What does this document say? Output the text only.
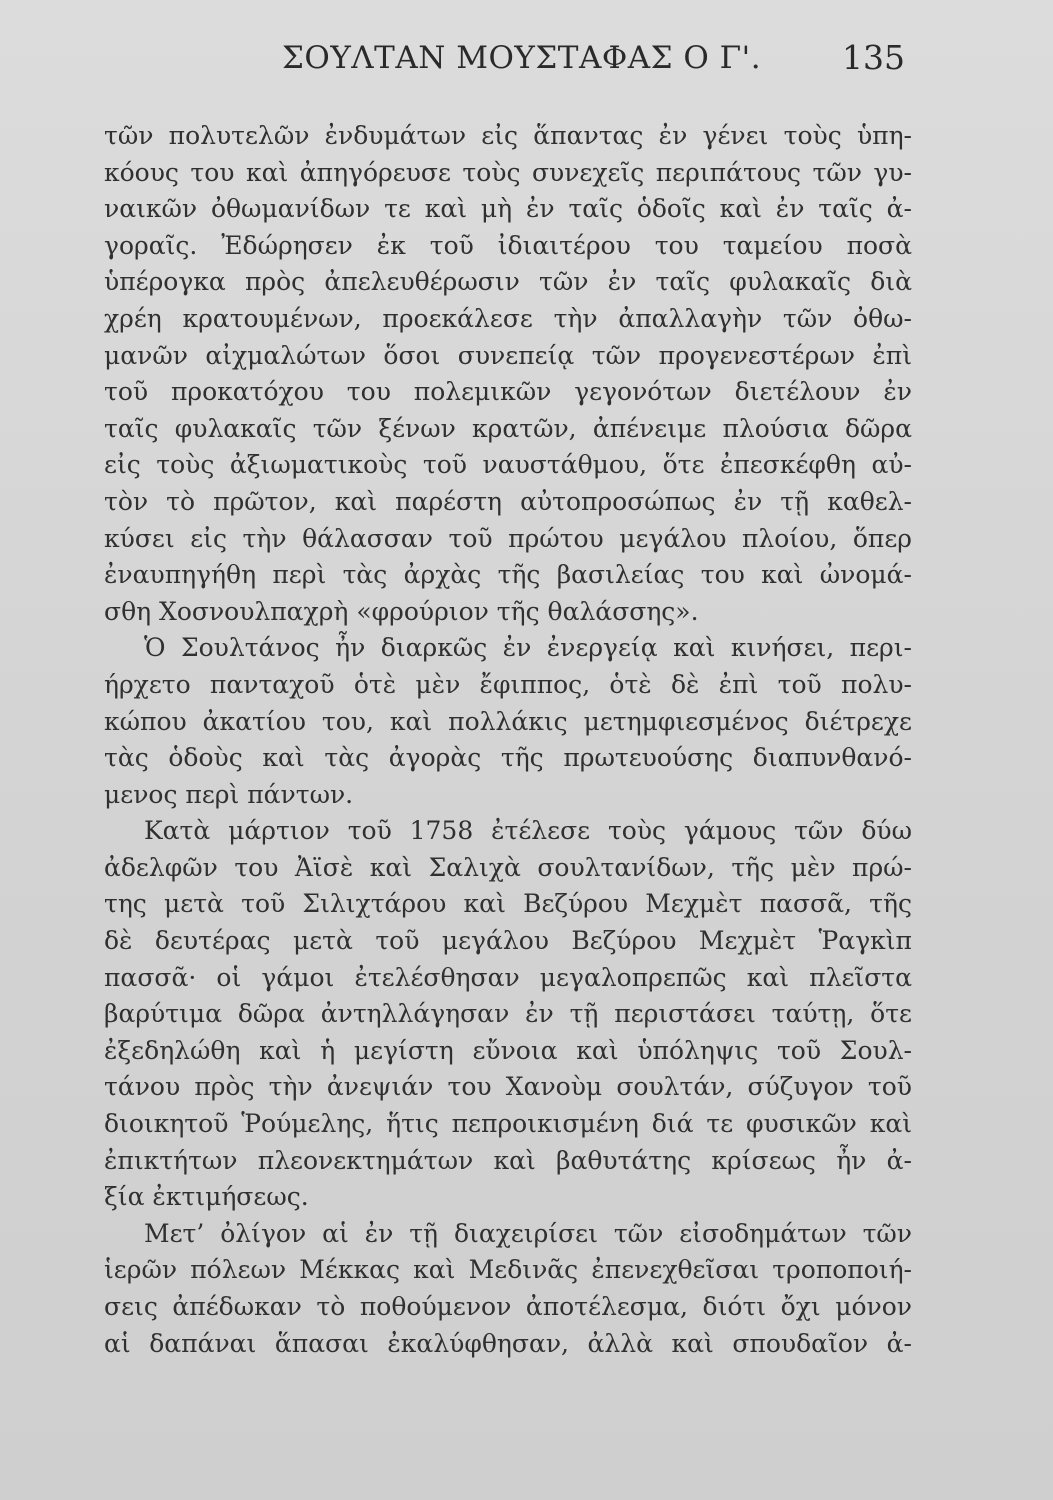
ΣΟΥΛΤΑΝ ΜΟΥΣΤΑΦΑΣ Ο Γ'. 135
τῶν πολυτελῶν ἐνδυμάτων εἰς ἅπαντας ἐν γένει τοὺς ὑπη-
κόους του καὶ ἀπηγόρευσε τοὺς συνεχεῖς περιπάτους τῶν γυ-
ναικῶν ὀθωμανίδων τε καὶ μὴ ἐν ταῖς ὁδοῖς καὶ ἐν ταῖς ἀ-
γοραῖς. Ἐδώρησεν ἐκ τοῦ ἰδιαιτέρου του ταμείου ποσὰ
ὑπέρογκα πρὸς ἀπελευθέρωσιν τῶν ἐν ταῖς φυλακαῖς διὰ
χρέη κρατουμένων, προεκάλεσε τὴν ἀπαλλαγὴν τῶν ὀθω-
μανῶν αἰχμαλώτων ὅσοι συνεπείᾳ τῶν προγενεστέρων ἐπὶ
τοῦ προκατόχου του πολεμικῶν γεγονότων διετέλουν ἐν
ταῖς φυλακαῖς τῶν ξένων κρατῶν, ἀπένειμε πλούσια δῶρα
εἰς τοὺς ἀξιωματικοὺς τοῦ ναυστάθμου, ὅτε ἐπεσκέφθη αὐ-
τὸν τὸ πρῶτον, καὶ παρέστη αὐτοπροσώπως ἐν τῇ καθελ-
κύσει εἰς τὴν θάλασσαν τοῦ πρώτου μεγάλου πλοίου, ὅπερ
ἐναυπηγήθη περὶ τὰς ἀρχὰς τῆς βασιλείας του καὶ ὠνομά-
σθη Χοσνουλπαχρὴ «φρούριον τῆς θαλάσσης».
Ὁ Σουλτάνος ἦν διαρκῶς ἐν ἐνεργείᾳ καὶ κινήσει, περι-
ήρχετο πανταχοῦ ὁτὲ μὲν ἔφιππος, ὁτὲ δὲ ἐπὶ τοῦ πολυ-
κώπου ἀκατίου του, καὶ πολλάκις μετημφιεσμένος διέτρεχε
τὰς ὁδοὺς καὶ τὰς ἀγορὰς τῆς πρωτευούσης διαπυνθανό-
μενος περὶ πάντων.
Κατὰ μάρτιον τοῦ 1758 ἐτέλεσε τοὺς γάμους τῶν δύω
ἀδελφῶν του Ἀϊσὲ καὶ Σαλιχὰ σουλτανίδων, τῆς μὲν πρώ-
της μετὰ τοῦ Σιλιχτάρου καὶ Βεζύρου Μεχμὲτ πασσᾶ, τῆς
δὲ δευτέρας μετὰ τοῦ μεγάλου Βεζύρου Μεχμὲτ Ῥαγκὶπ
πασσᾶ· οἱ γάμοι ἐτελέσθησαν μεγαλοπρεπῶς καὶ πλεῖστα
βαρύτιμα δῶρα ἀντηλλάγησαν ἐν τῇ περιστάσει ταύτῃ, ὅτε
ἐξεδηλώθη καὶ ἡ μεγίστη εὔνοια καὶ ὑπόληψις τοῦ Σουλ-
τάνου πρὸς τὴν ἀνεψιάν του Χανοὺμ σουλτάν, σύζυγον τοῦ
διοικητοῦ Ῥούμελης, ἥτις πεπροικισμένη διά τε φυσικῶν καὶ
ἐπικτήτων πλεονεκτημάτων καὶ βαθυτάτης κρίσεως ἦν ἀ-
ξία ἐκτιμήσεως.
Μετ’ ὀλίγον αἱ ἐν τῇ διαχειρίσει τῶν εἰσοδημάτων τῶν
ἱερῶν πόλεων Μέκκας καὶ Μεδινᾶς ἐπενεχθεῖσαι τροποποιή-
σεις ἀπέδωκαν τὸ ποθούμενον ἀποτέλεσμα, διότι ὄχι μόνον
αἱ δαπάναι ἅπασαι ἐκαλύφθησαν, ἀλλὰ καὶ σπουδαῖον ἀ-
